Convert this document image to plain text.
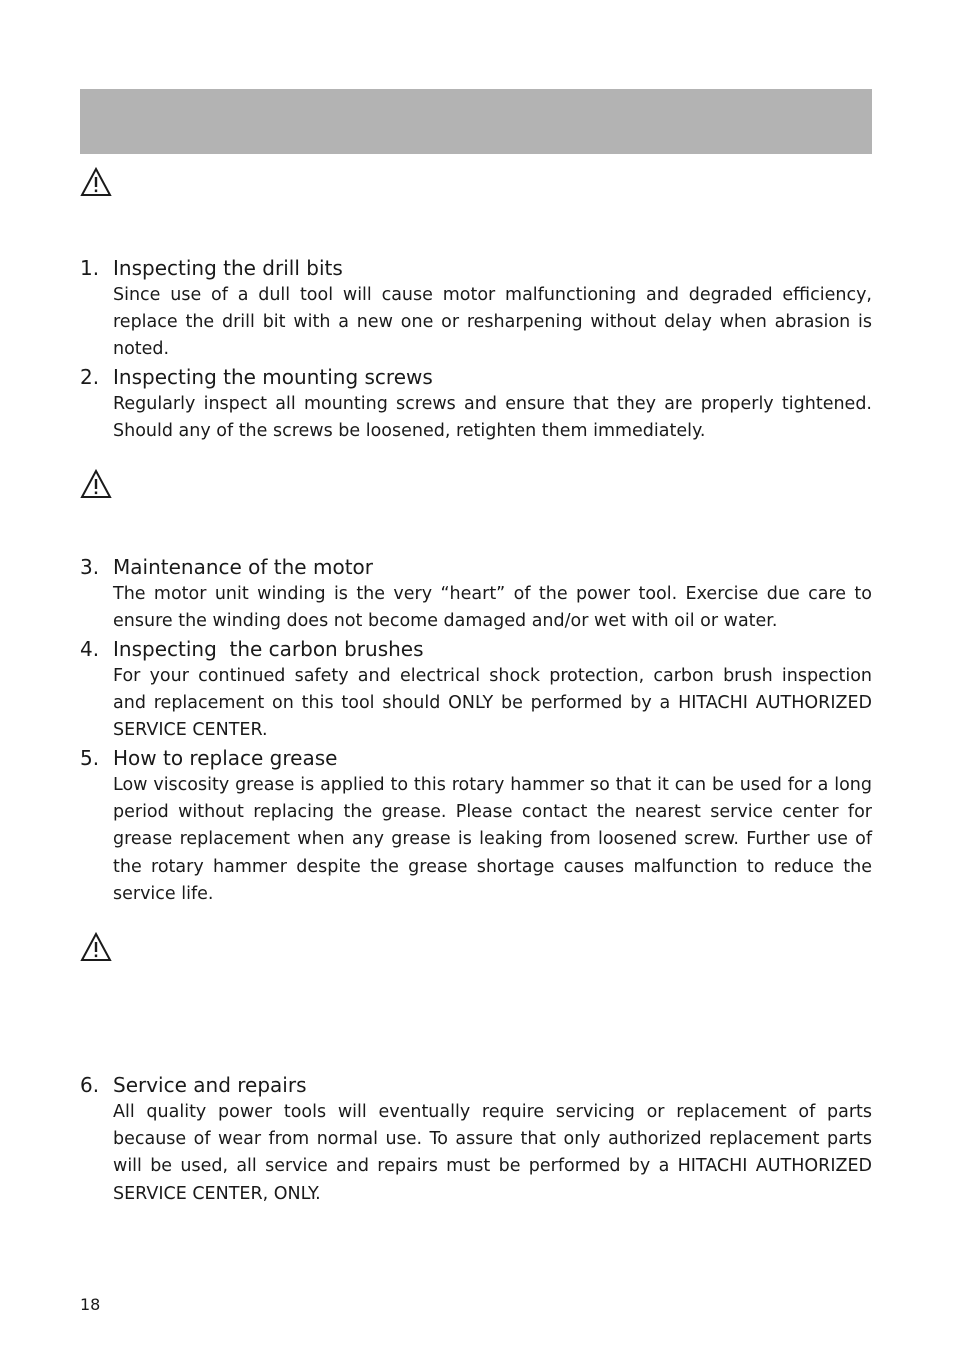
1. Inspecting the drill bits
Since use of a dull tool will cause motor malfunctioning and degraded efficiency, replace the drill bit with a new one or resharpening without delay when abrasion is noted.
2. Inspecting the mounting screws
Regularly inspect all mounting screws and ensure that they are properly tightened. Should any of the screws be loosened, retighten them immediately.
3. Maintenance of the motor
The motor unit winding is the very “heart” of the power tool. Exercise due care to ensure the winding does not become damaged and/or wet with oil or water.
4. Inspecting  the carbon brushes
For your continued safety and electrical shock protection, carbon brush inspection and replacement on this tool should ONLY be performed by a HITACHI AUTHORIZED SERVICE CENTER.
5. How to replace grease
Low viscosity grease is applied to this rotary hammer so that it can be used for a long period without replacing the grease. Please contact the nearest service center for grease replacement when any grease is leaking from loosened screw. Further use of the rotary hammer despite the grease shortage causes malfunction to reduce the service life.
6. Service and repairs
All quality power tools will eventually require servicing or replacement of parts because of wear from normal use. To assure that only authorized replacement parts will be used, all service and repairs must be performed by a HITACHI AUTHORIZED SERVICE CENTER, ONLY.
18
